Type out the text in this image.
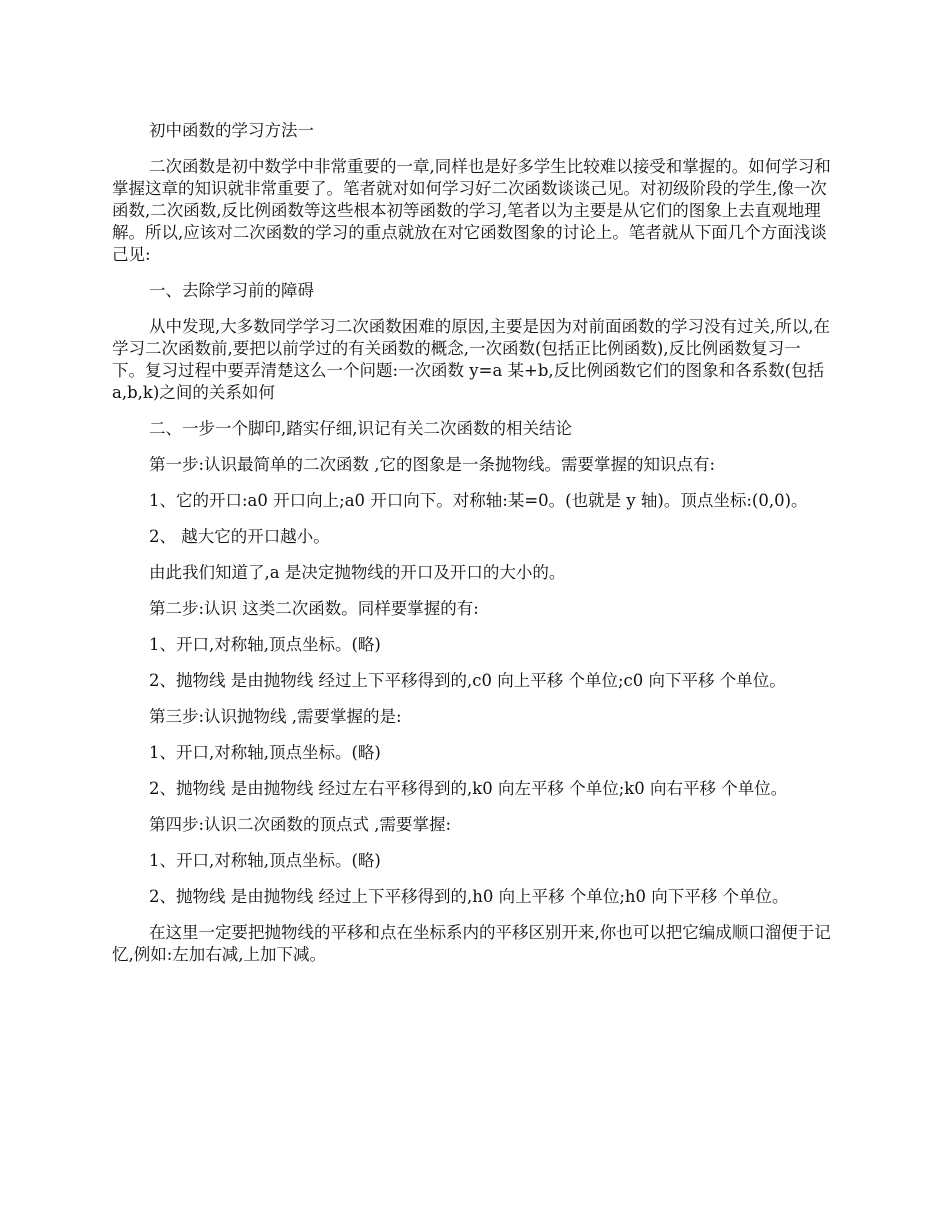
初中函数的学习方法一

二次函数是初中数学中非常重要的一章,同样也是好多学生比较难以接受和掌握的。如何学习和掌握这章的知识就非常重要了。笔者就对如何学习好二次函数谈谈己见。对初级阶段的学生,像一次函数,二次函数,反比例函数等这些根本初等函数的学习,笔者以为主要是从它们的图象上去直观地理解。所以,应该对二次函数的学习的重点就放在对它函数图象的讨论上。笔者就从下面几个方面浅谈己见:

一、去除学习前的障碍

从中发现,大多数同学学习二次函数困难的原因,主要是因为对前面函数的学习没有过关,所以,在学习二次函数前,要把以前学过的有关函数的概念,一次函数(包括正比例函数),反比例函数复习一下。复习过程中要弄清楚这么一个问题:一次函数 y=a 某+b,反比例函数它们的图象和各系数(包括 a,b,k)之间的关系如何

二、一步一个脚印,踏实仔细,识记有关二次函数的相关结论

第一步:认识最简单的二次函数 ,它的图象是一条抛物线。需要掌握的知识点有:

1、它的开口:a0 开口向上;a0 开口向下。对称轴:某=0。(也就是 y 轴)。顶点坐标:(0,0)。

2、 越大它的开口越小。

由此我们知道了,a 是决定抛物线的开口及开口的大小的。

第二步:认识 这类二次函数。同样要掌握的有:

1、开口,对称轴,顶点坐标。(略)

2、抛物线 是由抛物线 经过上下平移得到的,c0 向上平移 个单位;c0 向下平移 个单位。

第三步:认识抛物线 ,需要掌握的是:

1、开口,对称轴,顶点坐标。(略)

2、抛物线 是由抛物线 经过左右平移得到的,k0 向左平移 个单位;k0 向右平移 个单位。

第四步:认识二次函数的顶点式 ,需要掌握:

1、开口,对称轴,顶点坐标。(略)

2、抛物线 是由抛物线 经过上下平移得到的,h0 向上平移 个单位;h0 向下平移 个单位。

在这里一定要把抛物线的平移和点在坐标系内的平移区别开来,你也可以把它编成顺口溜便于记忆,例如:左加右减,上加下减。
